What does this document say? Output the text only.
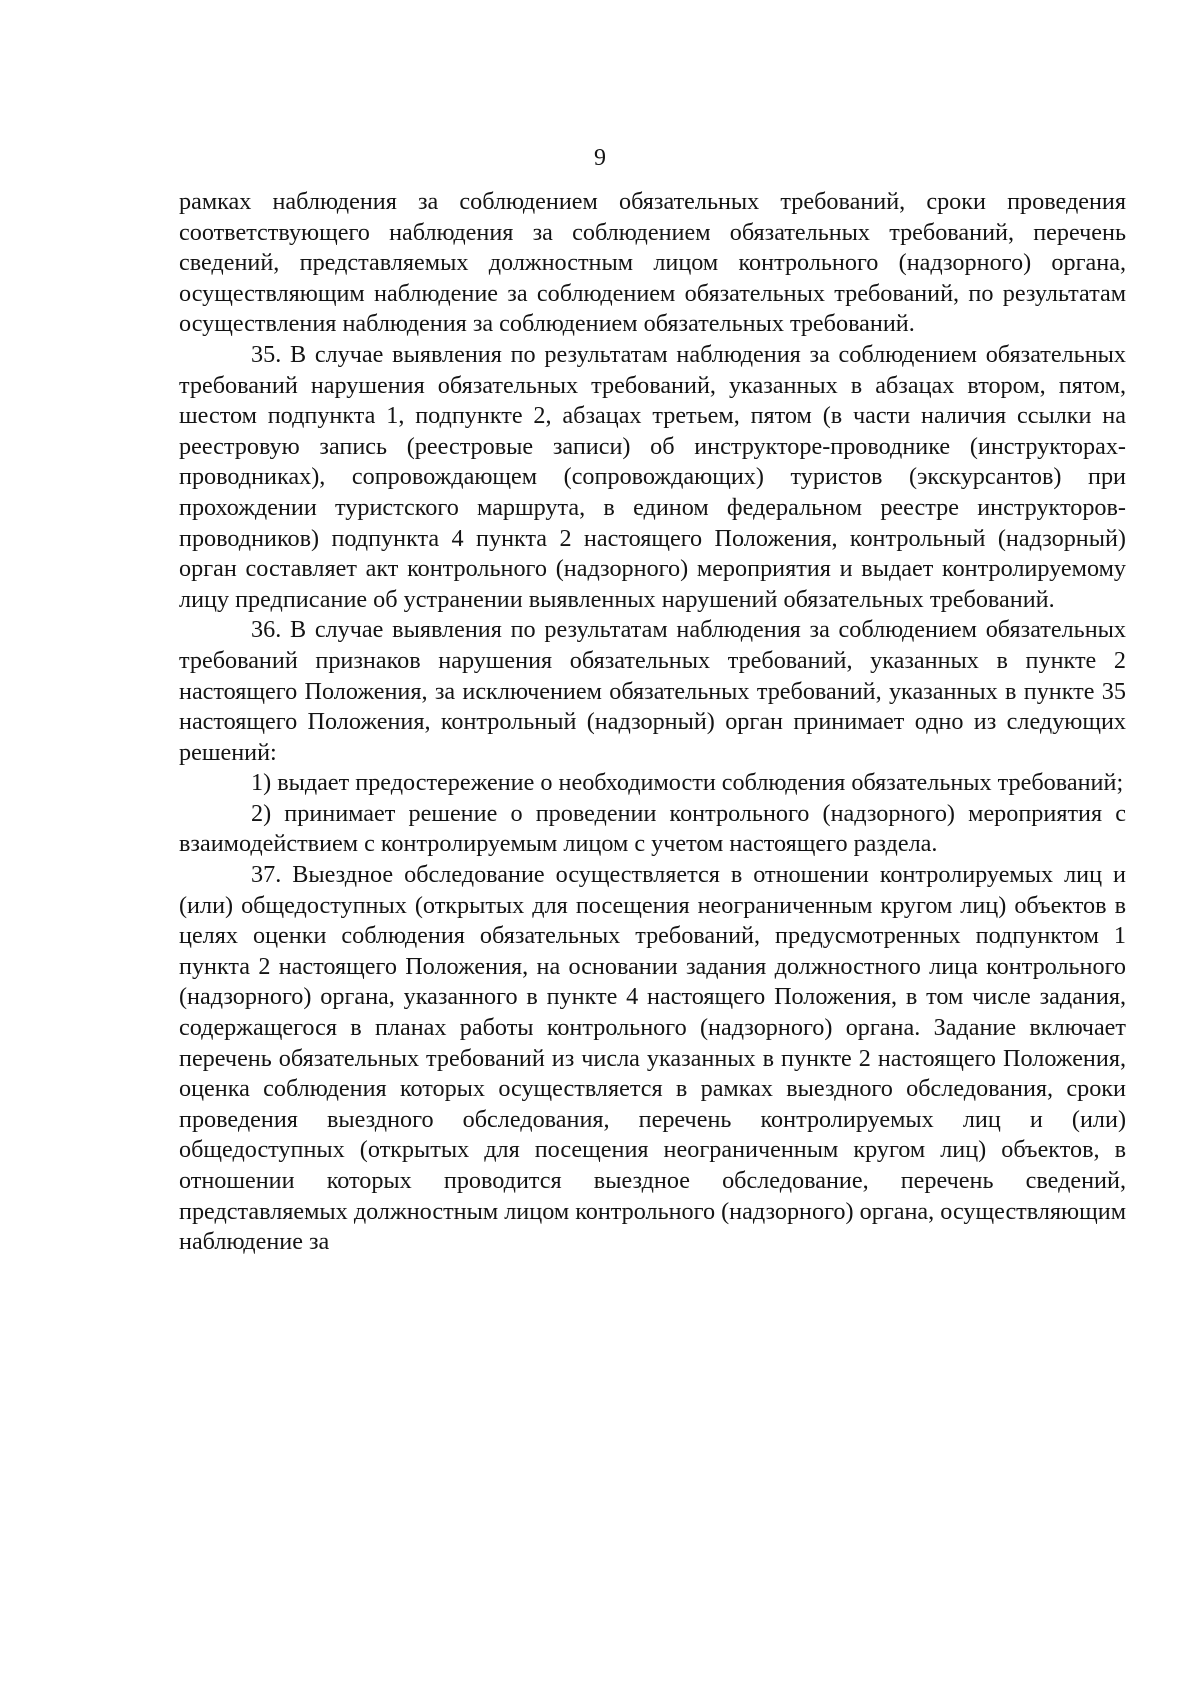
9

рамках наблюдения за соблюдением обязательных требований, сроки проведения соответствующего наблюдения за соблюдением обязательных требований, перечень сведений, представляемых должностным лицом контрольного (надзорного) органа, осуществляющим наблюдение за соблюдением обязательных требований, по результатам осуществления наблюдения за соблюдением обязательных требований.

35. В случае выявления по результатам наблюдения за соблюдением обязательных требований нарушения обязательных требований, указанных в абзацах втором, пятом, шестом подпункта 1, подпункте 2, абзацах третьем, пятом (в части наличия ссылки на реестровую запись (реестровые записи) об инструкторе-проводнике (инструкторах-проводниках), сопровождающем (сопровождающих) туристов (экскурсантов) при прохождении туристского маршрута, в едином федеральном реестре инструкторов-проводников) подпункта 4 пункта 2 настоящего Положения, контрольный (надзорный) орган составляет акт контрольного (надзорного) мероприятия и выдает контролируемому лицу предписание об устранении выявленных нарушений обязательных требований.

36. В случае выявления по результатам наблюдения за соблюдением обязательных требований признаков нарушения обязательных требований, указанных в пункте 2 настоящего Положения, за исключением обязательных требований, указанных в пункте 35 настоящего Положения, контрольный (надзорный) орган принимает одно из следующих решений:

1) выдает предостережение о необходимости соблюдения обязательных требований;

2) принимает решение о проведении контрольного (надзорного) мероприятия с взаимодействием с контролируемым лицом с учетом настоящего раздела.

37. Выездное обследование осуществляется в отношении контролируемых лиц и (или) общедоступных (открытых для посещения неограниченным кругом лиц) объектов в целях оценки соблюдения обязательных требований, предусмотренных подпунктом 1 пункта 2 настоящего Положения, на основании задания должностного лица контрольного (надзорного) органа, указанного в пункте 4 настоящего Положения, в том числе задания, содержащегося в планах работы контрольного (надзорного) органа. Задание включает перечень обязательных требований из числа указанных в пункте 2 настоящего Положения, оценка соблюдения которых осуществляется в рамках выездного обследования, сроки проведения выездного обследования, перечень контролируемых лиц и (или) общедоступных (открытых для посещения неограниченным кругом лиц) объектов, в отношении которых проводится выездное обследование, перечень сведений, представляемых должностным лицом контрольного (надзорного) органа, осуществляющим наблюдение за
